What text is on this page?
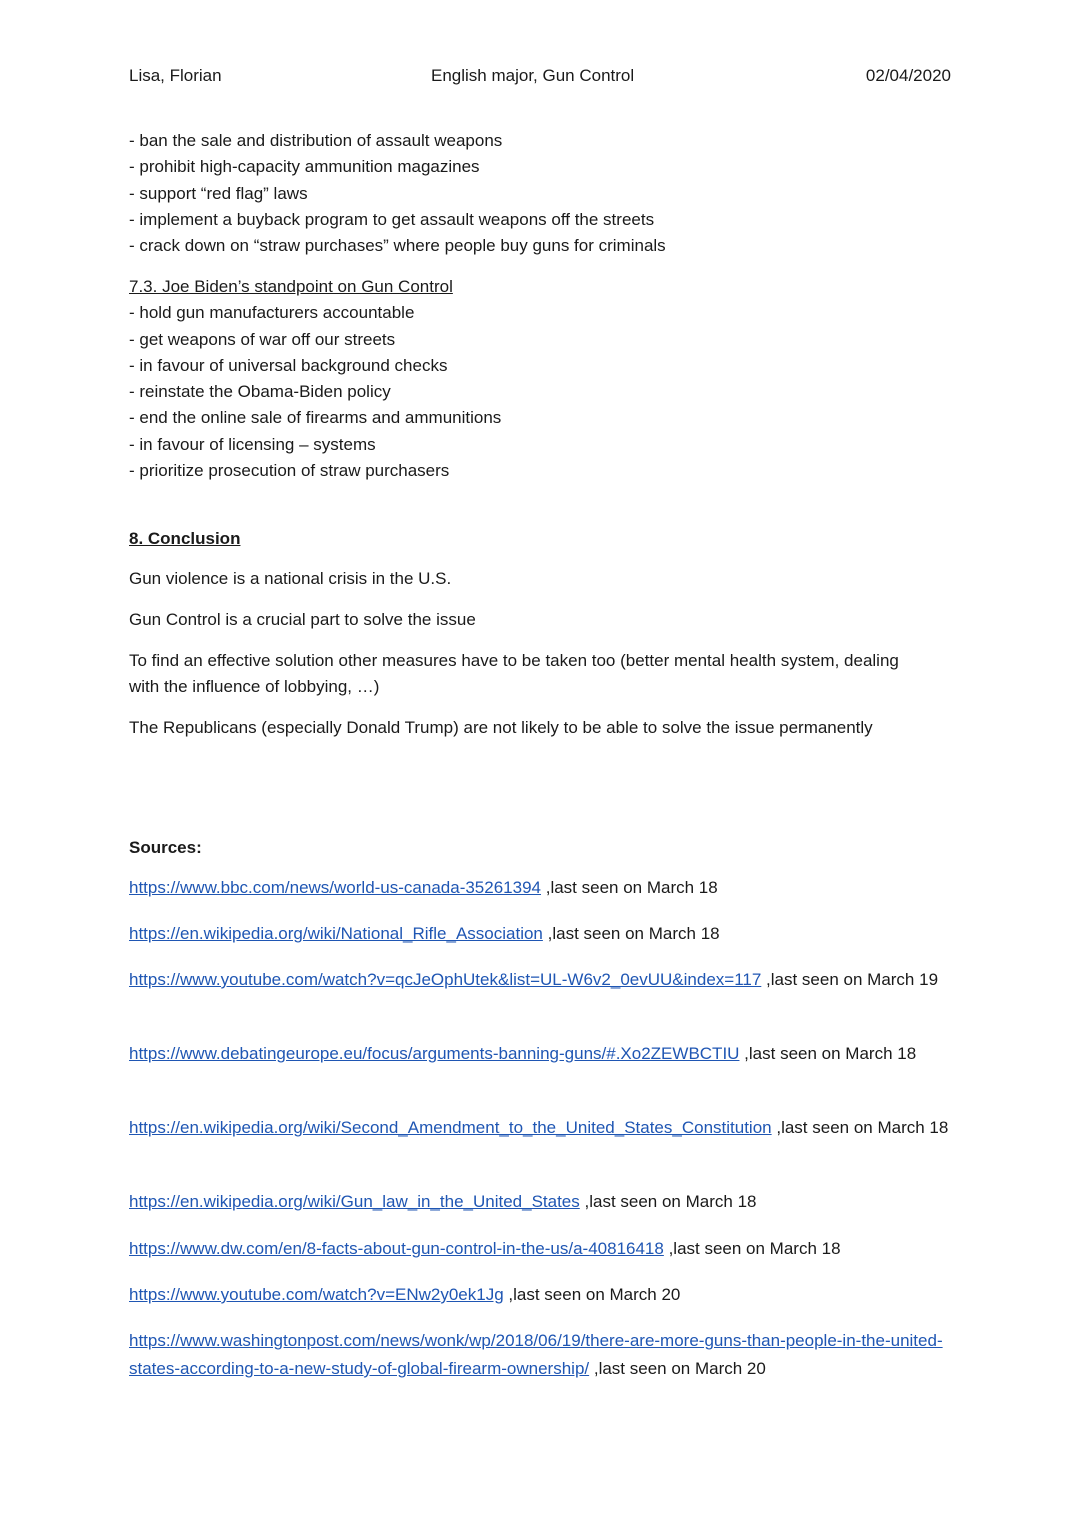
Lisa, Florian	English major, Gun Control	02/04/2020
- ban the sale and distribution of assault weapons
- prohibit high-capacity ammunition magazines
- support “red flag” laws
- implement a buyback program to get assault weapons off the streets
- crack down on “straw purchases” where people buy guns for criminals
7.3. Joe Biden’s standpoint on Gun Control
- hold gun manufacturers accountable
- get weapons of war off our streets
- in favour of universal background checks
- reinstate the Obama-Biden policy
- end the online sale of firearms and ammunitions
- in favour of licensing – systems
- prioritize prosecution of straw purchasers
8. Conclusion
Gun violence is a national crisis in the U.S.
Gun Control is a crucial part to solve the issue
To find an effective solution other measures have to be taken too (better mental health system, dealing with the influence of lobbying, …)
The Republicans (especially Donald Trump) are not likely to be able to solve the issue permanently
Sources:
https://www.bbc.com/news/world-us-canada-35261394 ,last seen on March 18
https://en.wikipedia.org/wiki/National_Rifle_Association ,last seen on March 18
https://www.youtube.com/watch?v=qcJeOphUtek&list=UL-W6v2_0evUU&index=117 ,last seen on March 19
https://www.debatingeurope.eu/focus/arguments-banning-guns/#.Xo2ZEWBCTIU ,last seen on March 18
https://en.wikipedia.org/wiki/Second_Amendment_to_the_United_States_Constitution ,last seen on March 18
https://en.wikipedia.org/wiki/Gun_law_in_the_United_States ,last seen on March 18
https://www.dw.com/en/8-facts-about-gun-control-in-the-us/a-40816418 ,last seen on March 18
https://www.youtube.com/watch?v=ENw2y0ek1Jg ,last seen on March 20
https://www.washingtonpost.com/news/wonk/wp/2018/06/19/there-are-more-guns-than-people-in-the-united-states-according-to-a-new-study-of-global-firearm-ownership/ ,last seen on March 20
